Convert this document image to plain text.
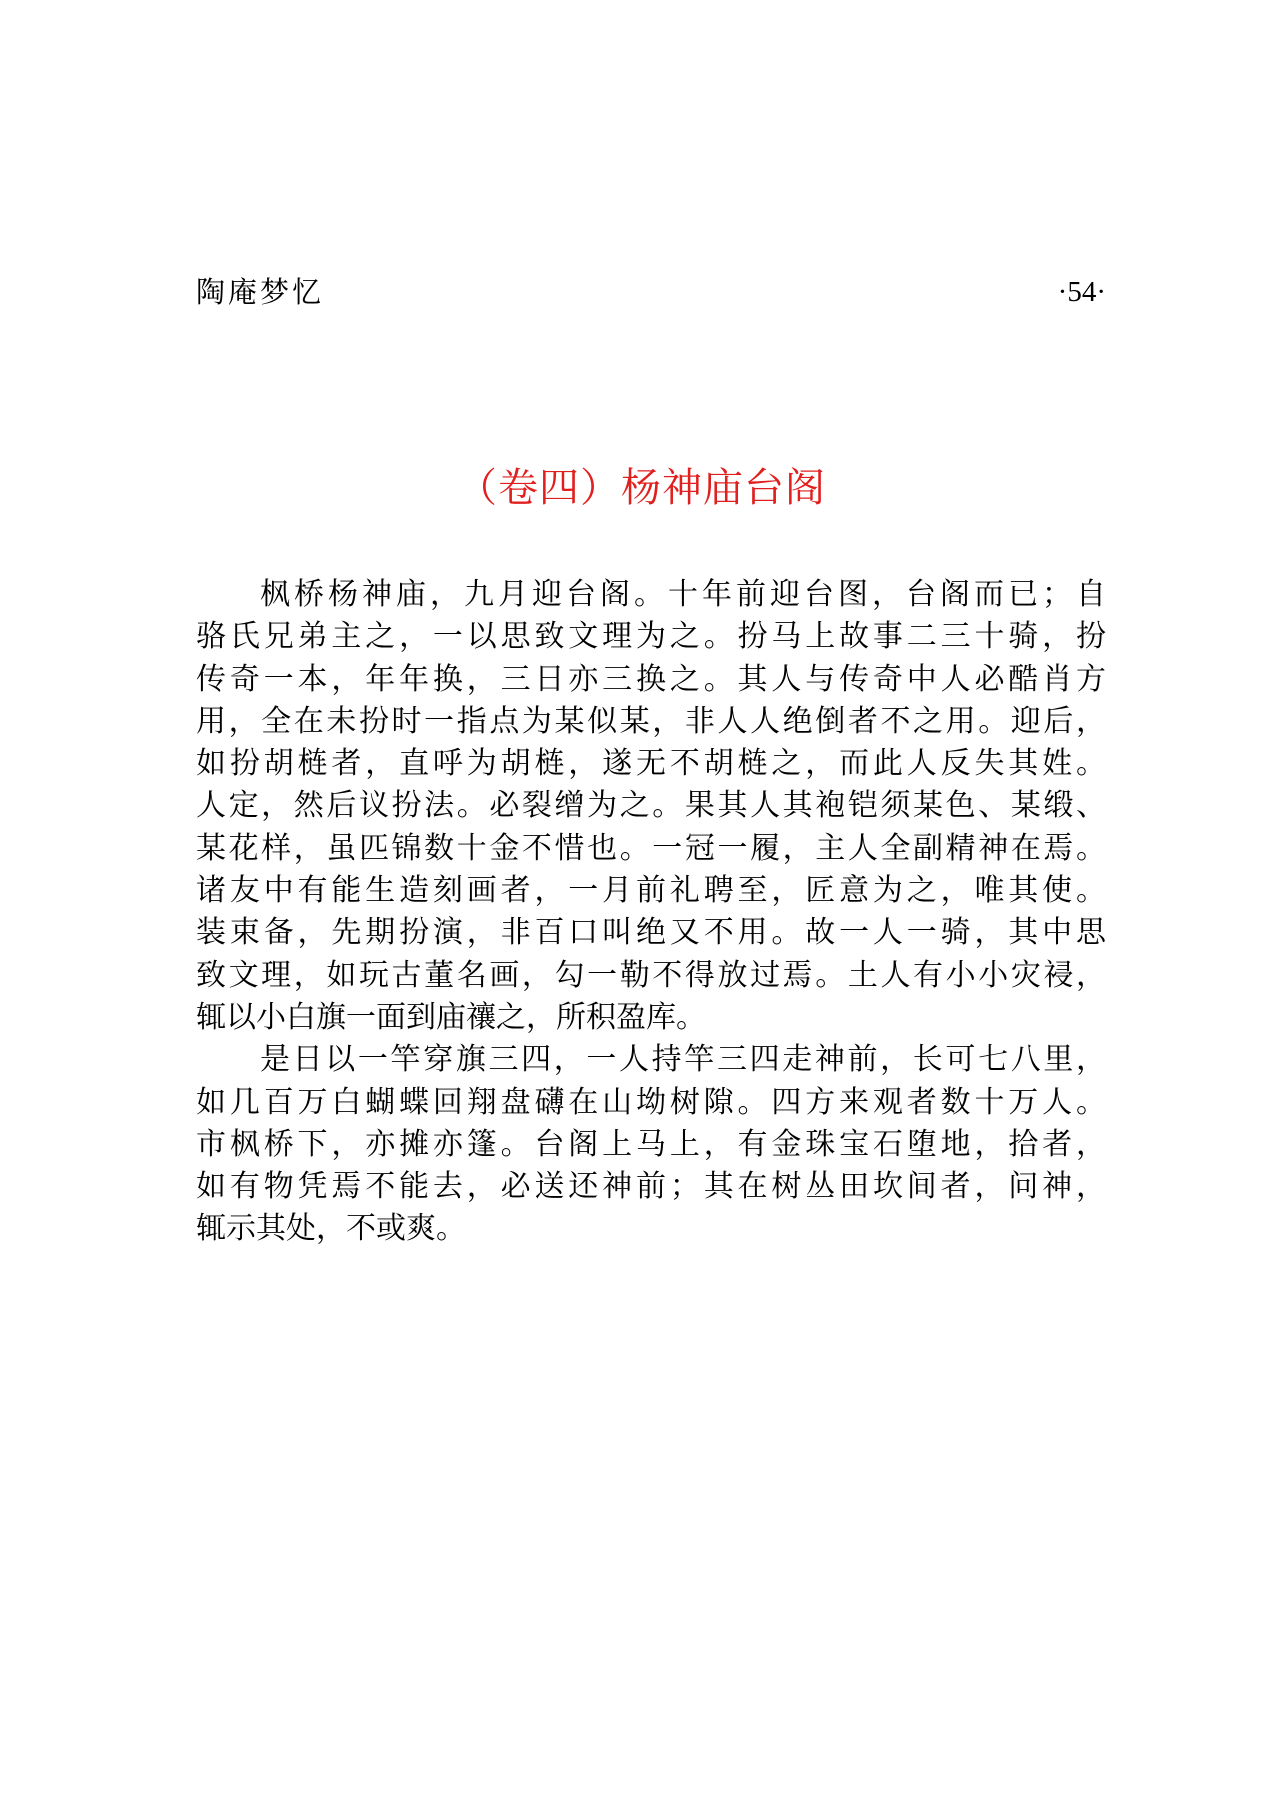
陶庵梦忆	·54·
（卷四）杨神庙台阁
枫桥杨神庙，九月迎台阁。十年前迎台图，台阁而已；自
骆氏兄弟主之，一以思致文理为之。扮马上故事二三十骑，扮
传奇一本，年年换，三日亦三换之。其人与传奇中人必酷肖方
用，全在未扮时一指点为某似某，非人人绝倒者不之用。迎后，
如扮胡梿者，直呼为胡梿，遂无不胡梿之，而此人反失其姓。
人定，然后议扮法。必裂缯为之。果其人其袍铠须某色、某缎、
某花样，虽匹锦数十金不惜也。一冠一履，主人全副精神在焉。
诸友中有能生造刻画者，一月前礼聘至，匠意为之，唯其使。
装束备，先期扮演，非百口叫绝又不用。故一人一骑，其中思
致文理，如玩古董名画，勾一勒不得放过焉。土人有小小灾祲，
辄以小白旗一面到庙禳之，所积盈库。
是日以一竿穿旗三四，一人持竿三四走神前，长可七八里，
如几百万白蝴蝶回翔盘礴在山坳树隙。四方来观者数十万人。
市枫桥下，亦摊亦篷。台阁上马上，有金珠宝石堕地，拾者，
如有物凭焉不能去，必送还神前；其在树丛田坎间者，问神，
辄示其处，不或爽。
